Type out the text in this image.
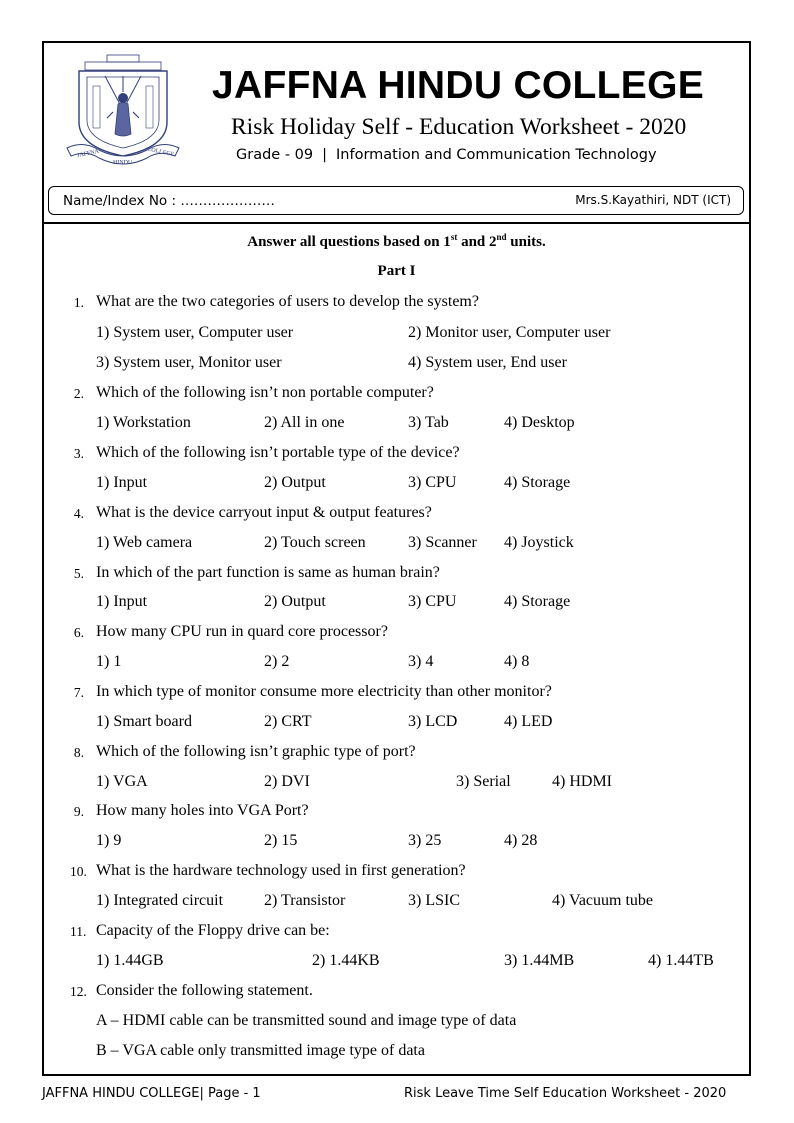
JAFFNA
HINDU
COLLEGE
JAFFNA HINDU COLLEGE
Risk Holiday Self - Education Worksheet - 2020
Grade - 09 | Information and Communication Technology
Name/Index No : …………………	Mrs.S.Kayathiri, NDT (ICT)
Answer all questions based on 1st and 2nd units.
Part I
1. What are the two categories of users to develop the system?
1) System user, Computer user	2) Monitor user, Computer user
3) System user, Monitor user	4) System user, End user
2. Which of the following isn’t non portable computer?
1) Workstation	2) All in one	3) Tab	4) Desktop
3. Which of the following isn’t portable type of the device?
1) Input	2) Output	3) CPU	4) Storage
4. What is the device carryout input & output features?
1) Web camera	2) Touch screen	3) Scanner 4) Joystick
5. In which of the part function is same as human brain?
1) Input	2) Output	3) CPU	4) Storage
6. How many CPU run in quard core processor?
1) 1	2) 2	3) 4	4) 8
7. In which type of monitor consume more electricity than other monitor?
1) Smart board	2) CRT	3) LCD	4) LED
8. Which of the following isn’t graphic type of port?
1) VGA	2) DVI	3) Serial	4) HDMI
9. How many holes into VGA Port?
1) 9	2) 15	3) 25	4) 28
10. What is the hardware technology used in first generation?
1) Integrated circuit	2) Transistor	3) LSIC	4) Vacuum tube
11. Capacity of the Floppy drive can be:
1) 1.44GB	2) 1.44KB	3) 1.44MB	4) 1.44TB
12. Consider the following statement.
A – HDMI cable can be transmitted sound and image type of data
B – VGA cable only transmitted image type of data
JAFFNA HINDU COLLEGE| Page - 1	Risk Leave Time Self Education Worksheet - 2020
